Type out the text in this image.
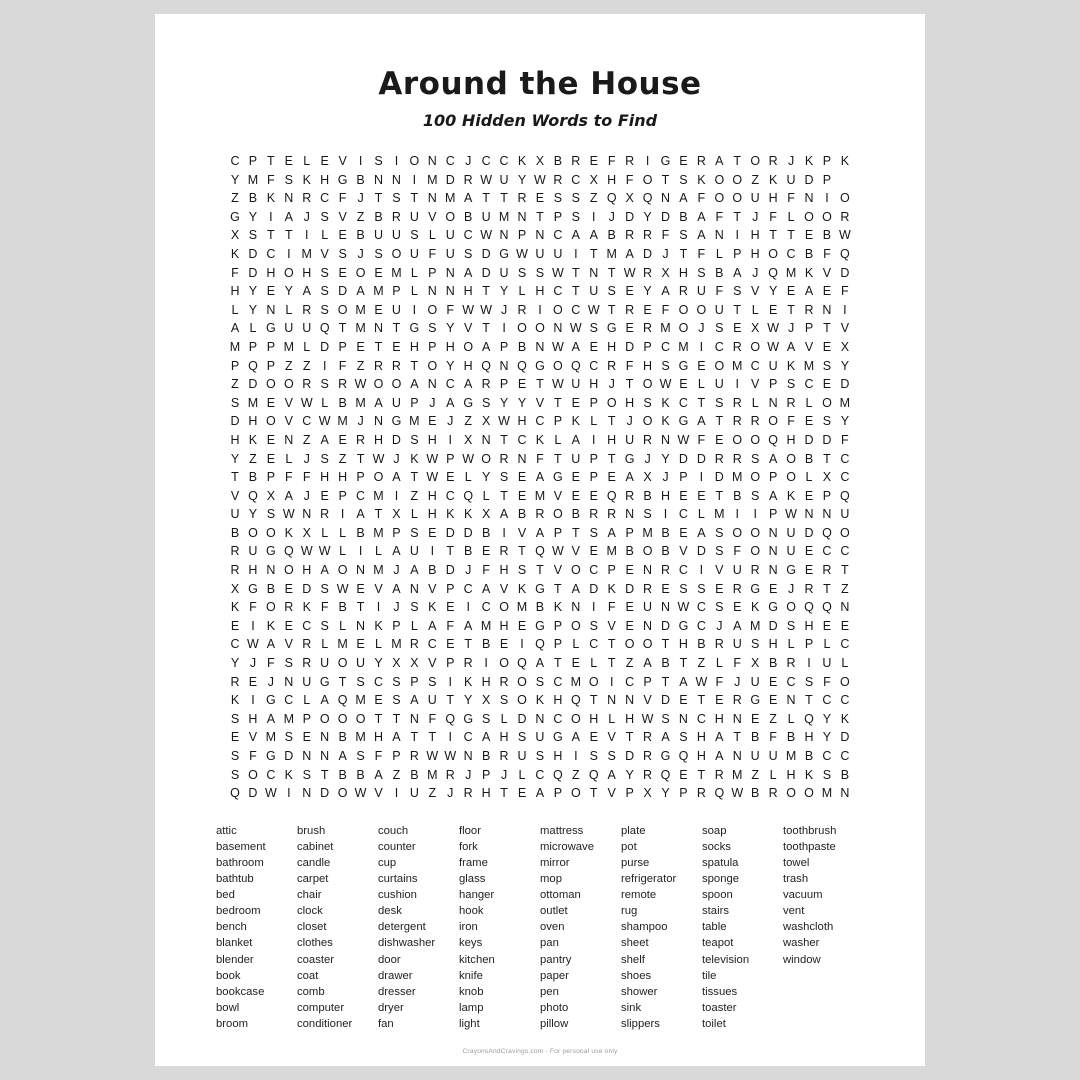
Around the House
100 Hidden Words to Find
C P T E L E V I S I O N C J C C K X B R E F R I G E R A T O R J K P K
Y M F S K H G B N N I M D R W U Y W R C X H F O T S K O O Z K U D P
Z B K N R C F J T S T N M A T T R E S S Z Q X Q N A F O O U H F N I O
G Y I A J S V Z B R U V O B U M N T P S I	J D Y D B A F T J F L O O R
X S T T I	L E B U U S L U C W N P N C A A B R R F S A N I H T T E B W
K D C I M V S J S O U F U S D G W U U I T M A D J T F L P H O C B F Q
F D H O H S E O E M L P N A D U S S W T N T W R X H S B A J Q M K V D
H Y E Y A S D A M P L N N H T Y L H C T U S E Y A R U F S V Y E A E F
L Y N L R S O M E U I O F W W J R I O C W T R E F O O U T L E T R N I
A L G U U Q T M N T G S Y V T I O O N W S G E R M O J S E X W J P T V
M P P M L D P E T E H P H O A P B N W A E H D P C M I C R O W A V E X
P Q P Z Z I F Z R R T O Y H Q N Q G O Q C R F H S G E O M C U K M S Y
Z D O O R S R W O O A N C A R P E T W U H J T O W E L U I V P S C E D
S M E V W L B M A U P J A G S Y Y V T E P O H S K C T S R L N R L O M
D H O V C W M J N G M E J Z X W H C P K L T J O K G A T R R O F E S Y
H K E N Z A E R H D S H I X N T C K L A I H U R N W F E O O Q H D D F
Y Z E L J S Z T W J K W P W O R N F T U P T G J Y D D R R S A O B T C
T B P F F H H P O A T W E L Y S E A G E P E A X J P I D M O P O L X C
V Q X A J E P C M I Z H C Q L T E M V E E Q R B H E E T B S A K E P Q
U Y S W N R I A T X L H K K X A B R O B R R N S I C L M I	I P W N N U
B O O K X L L B M P S E D D B I V A P T S A P M B E A S O O N U D Q O
R U G Q W W L	I	L A U I T B E R T Q W V E M B O B V D S F O N U E C C
R H N O H A O N M J A B D J F H S T V O C P E N R C I V U R N G E R T
X G B E D S W E V A N V P C A V K G T A D K D R E S S E R G E J R T Z
K F O R K F B T I	J S K E I C O M B K N I F E U N W C S E K G O Q Q N
E I K E C S L N K P L A F A M H E G P O S V E N D G C J A M D S H E E
C W A V R L M E L M R C E T B E I Q P L C T O O T H B R U S H L P L C
Y J F S R U O U Y X X V P R I O Q A T E L T Z A B T Z L F X B R I U L
R E J N U G T S C S P S I K H R O S C M O I C P T A W F J U E C S F O
K I G C L A Q M E S A U T Y X S O K H Q T N N V D E T E R G E N T C C
S H A M P O O O T T N F Q G S L D N C O H L H W S N C H N E Z L Q Y K
E V M S E N B M H A T T I C A H S U G A E V T R A S H A T B F B H Y D
S F G D N N A S F P R W W N B R U S H I S S D R G Q H A N U U M B C C
S O C K S T B B A Z B M R J P J L C Q Z Q A Y R Q E T R M Z L H K S B
Q D W I N D O W V I U Z J R H T E A P O T V P X Y P R Q W B R O O M N
attic
basement
bathroom
bathtub
bed
bedroom
bench
blanket
blender
book
bookcase
bowl
broom
brush
cabinet
candle
carpet
chair
clock
closet
clothes
coaster
coat
comb
computer
conditioner
couch
counter
cup
curtains
cushion
desk
detergent
dishwasher
door
drawer
dresser
dryer
fan
floor
fork
frame
glass
hanger
hook
iron
keys
kitchen
knife
knob
lamp
light
mattress
microwave
mirror
mop
ottoman
outlet
oven
pan
pantry
paper
pen
photo
pillow
plate
pot
purse
refrigerator
remote
rug
shampoo
sheet
shelf
shoes
shower
sink
slippers
soap
socks
spatula
sponge
spoon
stairs
table
teapot
television
tile
tissues
toaster
toilet
toothbrush
toothpaste
towel
trash
vacuum
vent
washcloth
washer
window
CrayonsAndCravings.com - For personal use only
